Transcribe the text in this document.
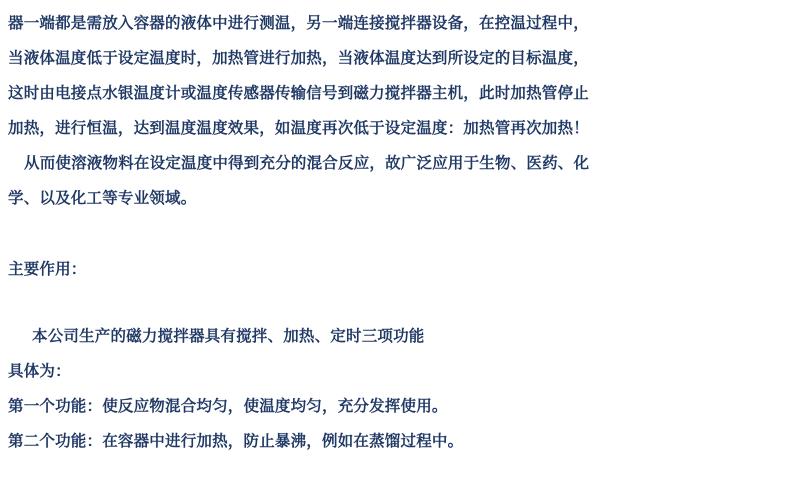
器一端都是需放入容器的液体中进行测温，另一端连接搅拌器设备，在控温过程中，

当液体温度低于设定温度时，加热管进行加热，当液体温度达到所设定的目标温度，

这时由电接点水银温度计或温度传感器传输信号到磁力搅拌器主机，此时加热管停止

加热，进行恒温，达到温度温度效果，如温度再次低于设定温度：加热管再次加热！

从而使溶液物料在设定温度中得到充分的混合反应，故广泛应用于生物、医药、化

学、以及化工等专业领域。

主要作用：

本公司生产的磁力搅拌器具有搅拌、加热、定时三项功能

具体为：

第一个功能：使反应物混合均匀，使温度均匀，充分发挥使用。

第二个功能：在容器中进行加热，防止暴沸，例如在蒸馏过程中。
